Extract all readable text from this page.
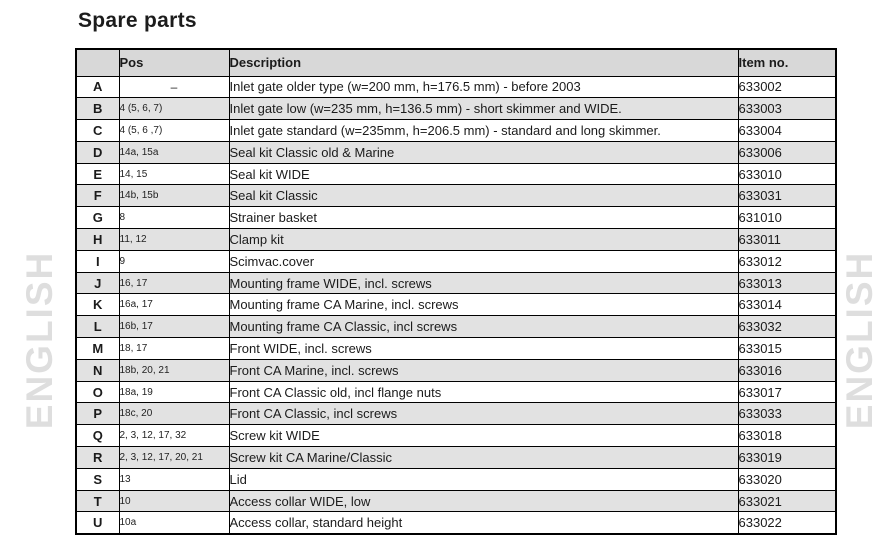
ENGLISH	ENGLISH
Spare parts
	Pos	Description	Item no.
A	–	Inlet gate older type (w=200 mm, h=176.5 mm) - before 2003	633002
B	4 (5, 6, 7)	Inlet gate low (w=235 mm, h=136.5 mm) - short skimmer and WIDE.	633003
C	4 (5, 6 ,7)	Inlet gate standard (w=235mm, h=206.5 mm) - standard and long skimmer.	633004
D	14a, 15a	Seal kit Classic old & Marine	633006
E	14, 15	Seal kit WIDE	633010
F	14b, 15b	Seal kit Classic	633031
G	8	Strainer basket	631010
H	11, 12	Clamp kit	633011
I	9	Scimvac.cover	633012
J	16, 17	Mounting frame WIDE, incl. screws	633013
K	16a, 17	Mounting frame CA Marine, incl. screws	633014
L	16b, 17	Mounting frame CA Classic, incl screws	633032
M	18, 17	Front WIDE, incl. screws	633015
N	18b, 20, 21	Front CA Marine, incl. screws	633016
O	18a, 19	Front CA Classic old, incl flange nuts	633017
P	18c, 20	Front CA Classic, incl screws	633033
Q	2, 3, 12, 17, 32	Screw kit WIDE	633018
R	2, 3, 12, 17, 20, 21	Screw kit CA Marine/Classic	633019
S	13	Lid	633020
T	10	Access collar WIDE, low	633021
U	10a	Access collar, standard height	633022
